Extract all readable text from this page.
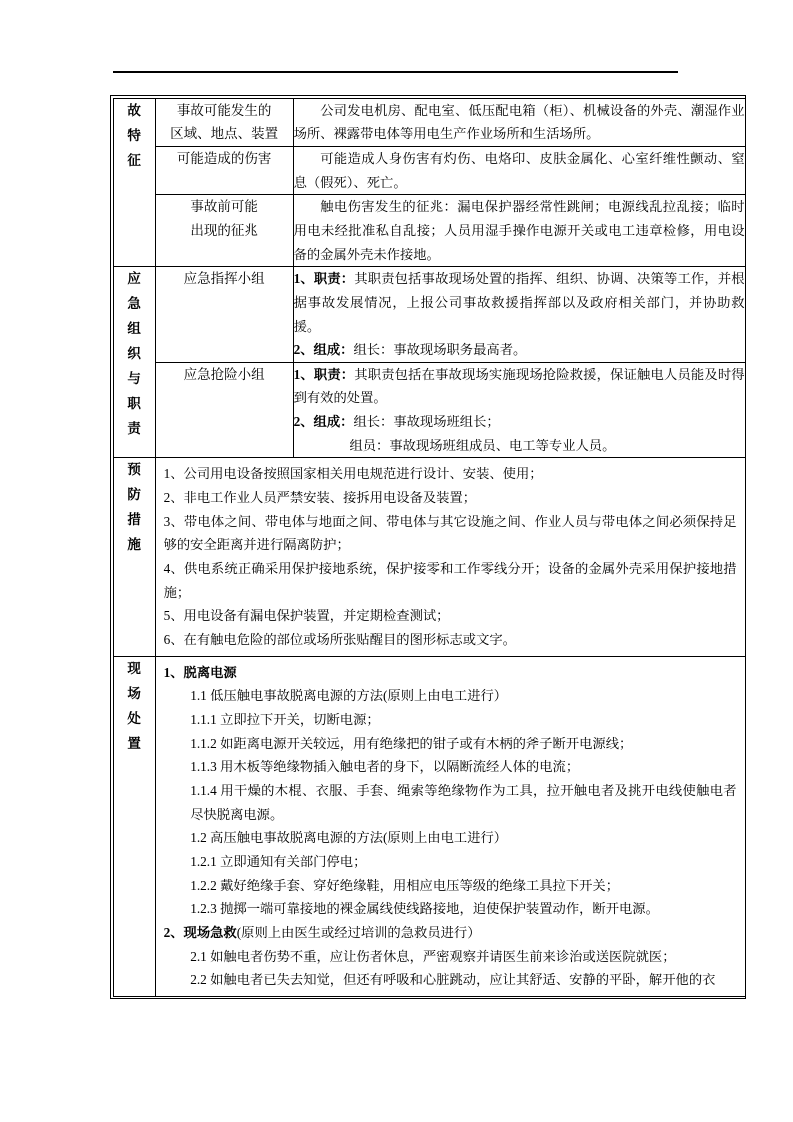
故
特
征	事故可能发生的
区域、地点、装置	公司发电机房、配电室、低压配电箱（柜）、机械设备的外壳、潮湿作业场所、裸露带电体等用电生产作业场所和生活场所。

	可能造成的伤害	可能造成人身伤害有灼伤、电烙印、皮肤金属化、心室纤维性颤动、窒息（假死）、死亡。

	事故前可能
出现的征兆	触电伤害发生的征兆：漏电保护器经常性跳闸；电源线乱拉乱接；临时用电未经批准私自乱接；人员用湿手操作电源开关或电工违章检修，用电设备的金属外壳未作接地。

应
急
组
织
与
职
责

应急指挥小组	1、职责：其职责包括事故现场处置的指挥、组织、协调、决策等工作，并根据事故发展情况，上报公司事故救援指挥部以及政府相关部门，并协助救援。

2、组成：组长：事故现场职务最高者。

	应急抢险小组	1、职责：其职责包括在事故现场实施现场抢险救援，保证触电人员能及时得到有效的处置。

2、组成：组长：事故现场班组长；

组员：事故现场班组成员、电工等专业人员。

预
防
措
施

1、公司用电设备按照国家相关用电规范进行设计、安装、使用；

2、非电工作业人员严禁安装、接拆用电设备及装置；

3、带电体之间、带电体与地面之间、带电体与其它设施之间、作业人员与带电体之间必须保持足够的安全距离并进行隔离防护；

4、供电系统正确采用保护接地系统，保护接零和工作零线分开；设备的金属外壳采用保护接地措施；

5、用电设备有漏电保护装置，并定期检查测试；

6、在有触电危险的部位或场所张贴醒目的图形标志或文字。

现
场
处
置

1、脱离电源

1.1 低压触电事故脱离电源的方法(原则上由电工进行）

1.1.1 立即拉下开关，切断电源；

1.1.2 如距离电源开关较远，用有绝缘把的钳子或有木柄的斧子断开电源线；

1.1.3 用木板等绝缘物插入触电者的身下，以隔断流经人体的电流；

1.1.4 用干燥的木棍、衣服、手套、绳索等绝缘物作为工具，拉开触电者及挑开电线使触电者尽快脱离电源。

1.2 高压触电事故脱离电源的方法(原则上由电工进行）

1.2.1 立即通知有关部门停电；

1.2.2 戴好绝缘手套、穿好绝缘鞋，用相应电压等级的绝缘工具拉下开关；

1.2.3 抛掷一端可靠接地的裸金属线使线路接地，迫使保护装置动作，断开电源。

2、现场急救(原则上由医生或经过培训的急救员进行）

2.1 如触电者伤势不重，应让伤者休息，严密观察并请医生前来诊治或送医院就医；

2.2 如触电者已失去知觉，但还有呼吸和心脏跳动，应让其舒适、安静的平卧，解开他的衣
